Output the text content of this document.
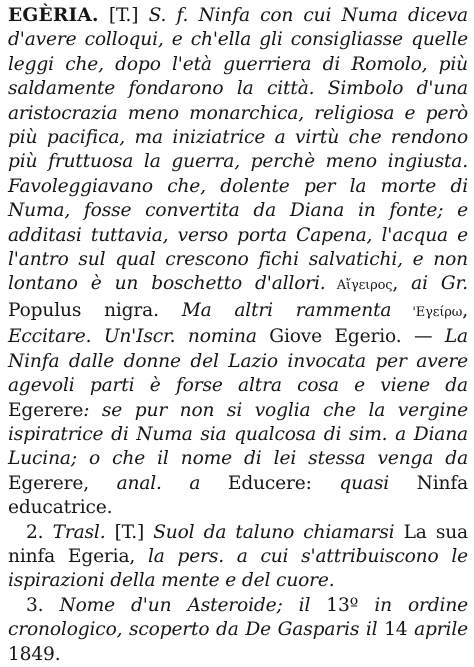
EGÈRIA. [T.] S. f. Ninfa con cui Numa diceva d'avere colloqui, e ch'ella gli consigliasse quelle leggi che, dopo l'età guerriera di Romolo, più saldamente fondarono la città. Simbolo d'una aristocrazia meno monarchica, religiosa e però più pacifica, ma iniziatrice a virtù che rendono più fruttuosa la guerra, perchè meno ingiusta. Favoleggiavano che, dolente per la morte di Numa, fosse convertita da Diana in fonte; e additasi tuttavia, verso porta Capena, l'acqua e l'antro sul qual crescono fichi salvatichi, e non lontano è un boschetto d'allori. Αἴγειρος, ai Gr. Populus nigra. Ma altri rammenta 'Εγείρω, Eccitare. Un'Iscr. nomina Giove Egerio. — La Ninfa dalle donne del Lazio invocata per avere agevoli parti è forse altra cosa e viene da Egerere: se pur non si voglia che la vergine ispiratrice di Numa sia qualcosa di sim. a Diana Lucina; o che il nome di lei stessa venga da Egerere, anal. a Educere: quasi Ninfa educatrice.

2. Trasl. [T.] Suol da taluno chiamarsi La sua ninfa Egeria, la pers. a cui s'attribuiscono le ispirazioni della mente e del cuore.

3. Nome d'un Asteroide; il 13º in ordine cronologico, scoperto da De Gasparis il 14 aprile 1849.
